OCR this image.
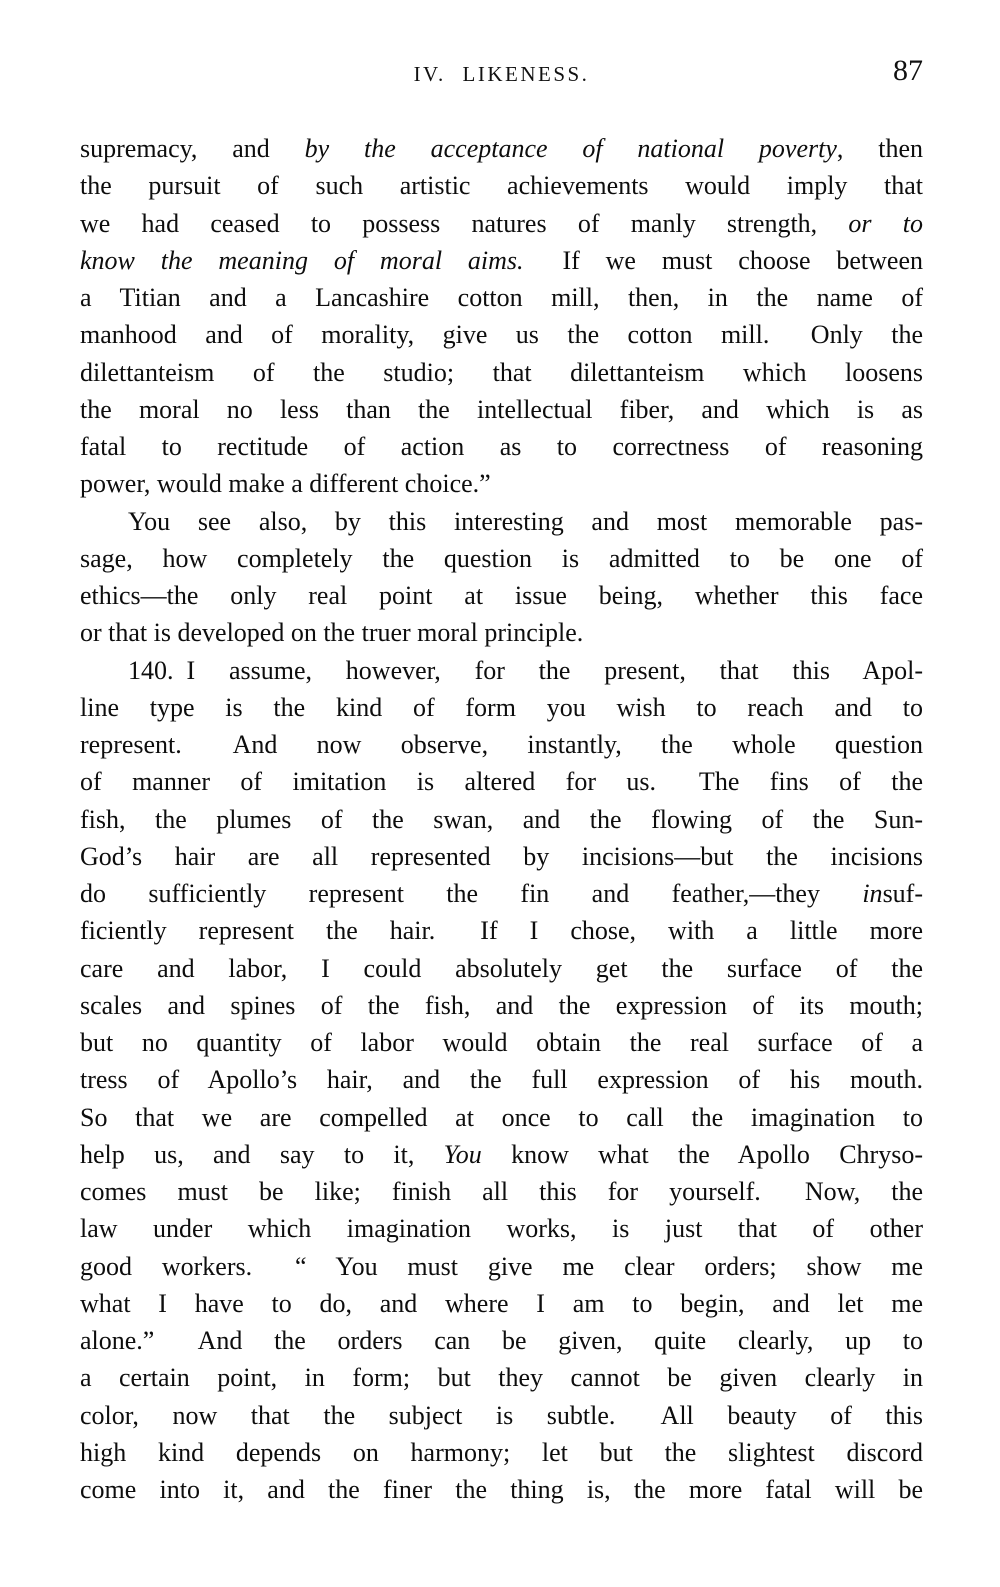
IV. LIKENESS.	87
supremacy, and by the acceptance of national poverty, then
the pursuit of such artistic achievements would imply that
we had ceased to possess natures of manly strength, or to
know the meaning of moral aims.  If we must choose between
a Titian and a Lancashire cotton mill, then, in the name of
manhood and of morality, give us the cotton mill.  Only the
dilettanteism of the studio; that dilettanteism which loosens
the moral no less than the intellectual fiber, and which is as
fatal to rectitude of action as to correctness of reasoning
power, would make a different choice.”
You see also, by this interesting and most memorable pas-
sage, how completely the question is admitted to be one of
ethics—the only real point at issue being, whether this face
or that is developed on the truer moral principle.
140. I assume, however, for the present, that this Apol-
line type is the kind of form you wish to reach and to
represent.  And now observe, instantly, the whole question
of manner of imitation is altered for us.  The fins of the
fish, the plumes of the swan, and the flowing of the Sun-
God’s hair are all represented by incisions—but the incisions
do sufficiently represent the fin and feather,—they insuf-
ficiently represent the hair.  If I chose, with a little more
care and labor, I could absolutely get the surface of the
scales and spines of the fish, and the expression of its mouth;
but no quantity of labor would obtain the real surface of a
tress of Apollo’s hair, and the full expression of his mouth.
So that we are compelled at once to call the imagination to
help us, and say to it, You know what the Apollo Chryso-
comes must be like; finish all this for yourself.  Now, the
law under which imagination works, is just that of other
good workers.  “ You must give me clear orders; show me
what I have to do, and where I am to begin, and let me
alone.”  And the orders can be given, quite clearly, up to
a certain point, in form; but they cannot be given clearly in
color, now that the subject is subtle.  All beauty of this
high kind depends on harmony; let but the slightest discord
come into it, and the finer the thing is, the more fatal will be
